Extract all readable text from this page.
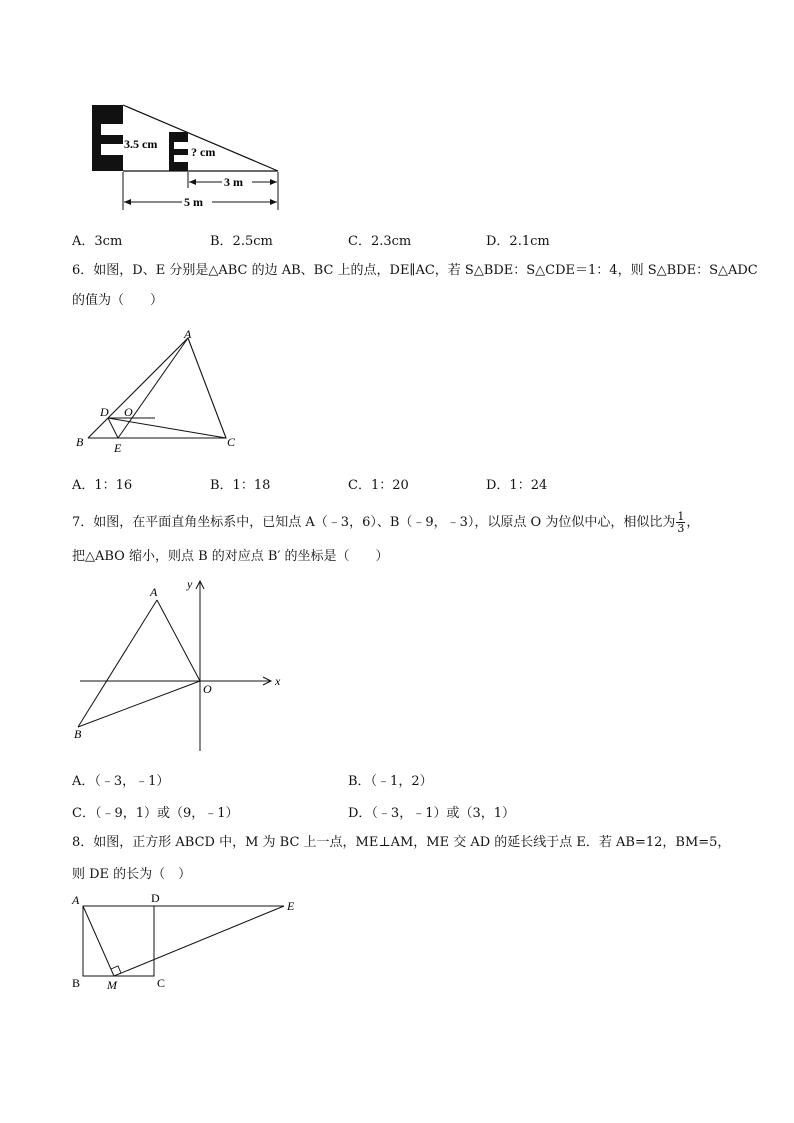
3.5 cm
? cm
3 m
5 m
A．3cm	B．2.5cm	C．2.3cm	D．2.1cm
6．如图，D、E 分别是△ABC 的边 AB、BC 上的点，DE∥AC，若 S△BDE：S△CDE＝1：4，则 S△BDE：S△ADC
的值为（　　）
A
B	C
D
E
O
A．1：16	B．1：18	C．1：20	D．1：24
7．如图，在平面直角坐标系中，已知点 A（﹣3，6）、B（﹣9，﹣3），以原点 O 为位似中心，相似比为 $\frac{1}{3}$ ，
把△ABO 缩小，则点 B 的对应点 B′ 的坐标是（　　）
A
B
O
x
y
A．（﹣3，﹣1）	B．（﹣1，2）
C．（﹣9，1）或（9，﹣1）	D．（﹣3，﹣1）或（3，1）
8．如图，正方形 ABCD 中，M 为 BC 上一点，ME⊥AM，ME 交 AD 的延长线于点 E．若 AB=12，BM=5，
则 DE 的长为（　）
A	D
E
B M	C
